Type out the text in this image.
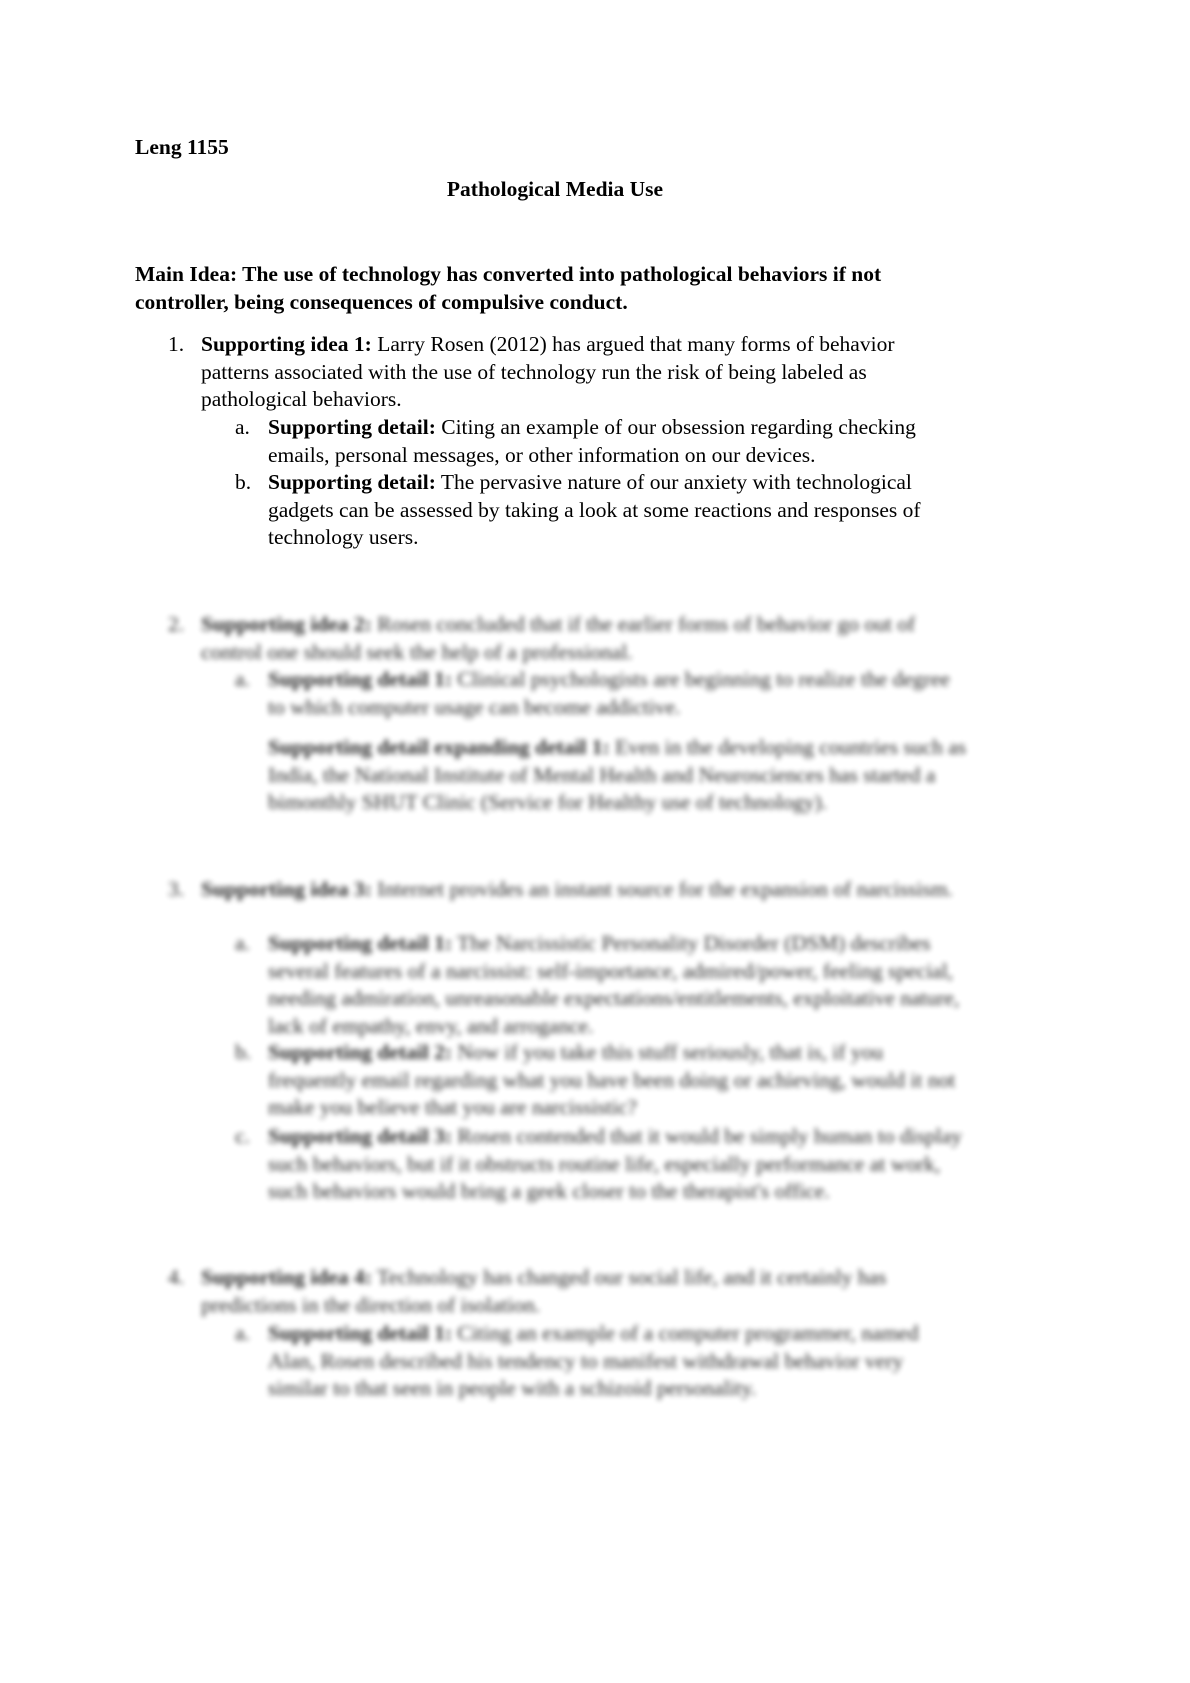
Leng 1155
Pathological Media Use
Main Idea: The use of technology has converted into pathological behaviors if not controller, being consequences of compulsive conduct.
1. Supporting idea 1: Larry Rosen (2012) has argued that many forms of behavior patterns associated with the use of technology run the risk of being labeled as pathological behaviors.
a. Supporting detail: Citing an example of our obsession regarding checking emails, personal messages, or other information on our devices.
b. Supporting detail: The pervasive nature of our anxiety with technological gadgets can be assessed by taking a look at some reactions and responses of technology users.
2. Supporting idea 2: Rosen concluded that if the earlier forms of behavior go out of control one should seek the help of a professional.
a. Supporting detail 1: Clinical psychologists are beginning to realize the degree to which computer usage can become addictive.
Supporting detail expanding detail 1: Even in the developing countries such as India, the National Institute of Mental Health and Neurosciences has started a bimonthly SHUT Clinic (Service for Healthy use of technology).
3. Supporting idea 3: Internet provides an instant source for the expansion of narcissism.
a. Supporting detail 1: The Narcissistic Personality Disorder (DSM) describes several features of a narcissist: self-importance, admired/power, feeling special, needing admiration, unreasonable expectations/entitlements, exploitative nature, lack of empathy, envy, and arrogance.
b. Supporting detail 2: Now if you take this stuff seriously, that is, if you frequently email regarding what you have been doing or achieving, would it not make you believe that you are narcissistic?
c. Supporting detail 3: Rosen contended that it would be simply human to display such behaviors, but if it obstructs routine life, especially performance at work, such behaviors would bring a geek closer to the therapist's office.
4. Supporting idea 4: Technology has changed our social life, and it certainly has predictions in the direction of isolation.
a. Supporting detail 1: Citing an example of a computer programmer, named Alan, Rosen described his tendency to manifest withdrawal behavior very similar to that seen in people with a schizoid personality.
